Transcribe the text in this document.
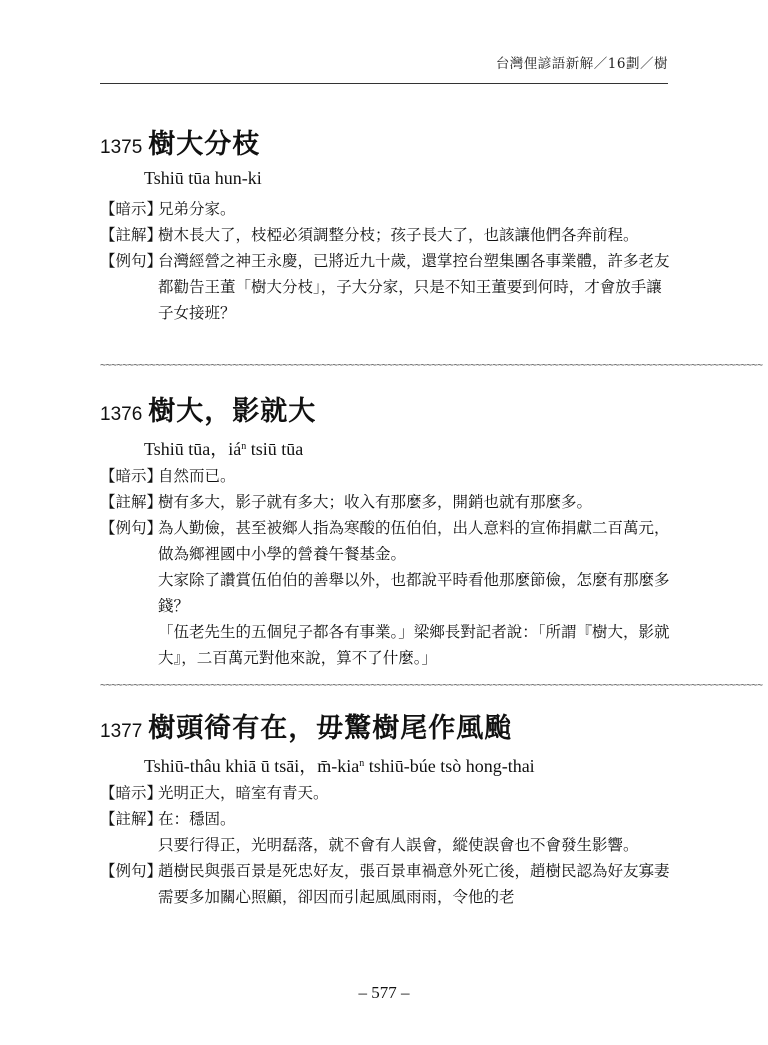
台灣俚諺語新解／16劃／樹
1375 樹大分枝
Tshiū tūa hun-ki
【暗示】
兄弟分家。
【註解】
樹木長大了，枝椏必須調整分枝；孩子長大了，也該讓他們各奔前程。
【例句】
台灣經營之神王永慶，已將近九十歲，還掌控台塑集團各事業體，許多老友都勸告王董「樹大分枝」，子大分家，只是不知王董要到何時，才會放手讓子女接班？
~~~~~~~~~~~~~~~~~~~~~~~~~~~~~~~~~~~~~~~~~~~~~~~~~~~~~~~~~~~~~~~~~~~~~~~~~~~~~~~~~~~~~~~~~~~~~~~~~~~~~~~~~~~~~~~~~~~~~~~~
1376 樹大，影就大
Tshiū tūa，$iá^n$ tsiū tūa
【暗示】
自然而已。
【註解】
樹有多大，影子就有多大；收入有那麼多，開銷也就有那麼多。
【例句】

為人勤儉，甚至被鄉人指為寒酸的伍伯伯，出人意料的宣佈捐獻二百萬元，做為鄉裡國中小學的營養午餐基金。

大家除了讚賞伍伯伯的善舉以外，也都說平時看他那麼節儉，怎麼有那麼多錢？

「伍老先生的五個兒子都各有事業。」梁鄉長對記者說：「所謂『樹大，影就大』，二百萬元對他來說，算不了什麼。」

~~~~~~~~~~~~~~~~~~~~~~~~~~~~~~~~~~~~~~~~~~~~~~~~~~~~~~~~~~~~~~~~~~~~~~~~~~~~~~~~~~~~~~~~~~~~~~~~~~~~~~~~~~~~~~~~~~~~~~~~
1377 樹頭徛有在，毋驚樹尾作風颱
Tshiū-thâu khiā ū tsāi，m̄-kia$^n$ tshiū-búe tsò hong-thai
【暗示】
光明正大，暗室有青天。
【註解】

在：穩固。

只要行得正，光明磊落，就不會有人誤會，縱使誤會也不會發生影響。

【例句】
趙樹民與張百景是死忠好友，張百景車禍意外死亡後，趙樹民認為好友寡妻需要多加關心照顧，卻因而引起風風雨雨，令他的老
– 577 –
